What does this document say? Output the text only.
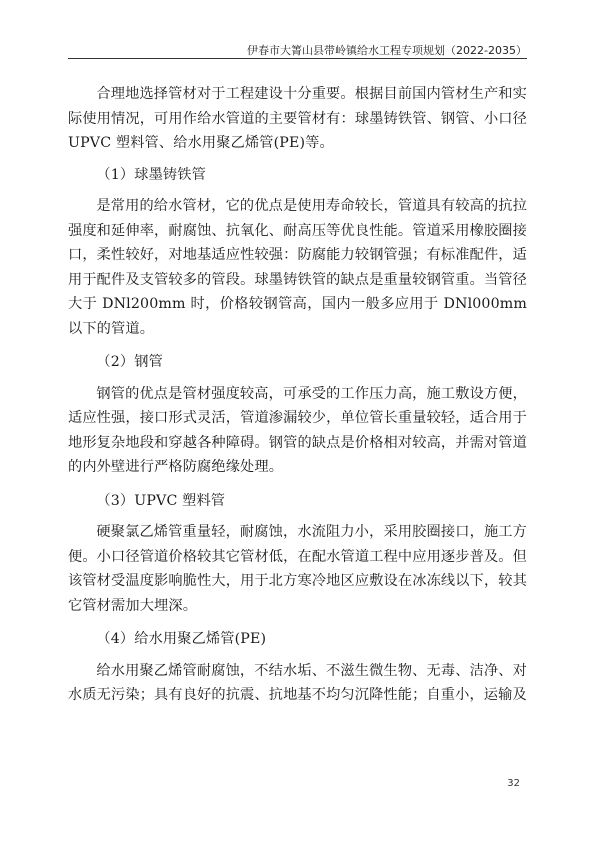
伊春市大箐山县带岭镇给水工程专项规划（2022-2035）

合理地选择管材对于工程建设十分重要。根据目前国内管材生产和实际使用情况，可用作给水管道的主要管材有：球墨铸铁管、钢管、小口径UPVC 塑料管、给水用聚乙烯管(PE)等。

（1）球墨铸铁管

是常用的给水管材，它的优点是使用寿命较长，管道具有较高的抗拉强度和延伸率，耐腐蚀、抗氧化、耐高压等优良性能。管道采用橡胶圈接口，柔性较好，对地基适应性较强：防腐能力较钢管强；有标准配件，适用于配件及支管较多的管段。球墨铸铁管的缺点是重量较钢管重。当管径大于 DNl200mm 时，价格较钢管高，国内一般多应用于 DNl000mm 以下的管道。

（2）钢管

钢管的优点是管材强度较高，可承受的工作压力高，施工敷设方便，适应性强，接口形式灵活，管道渗漏较少，单位管长重量较轻，适合用于地形复杂地段和穿越各种障碍。钢管的缺点是价格相对较高，并需对管道的内外壁进行严格防腐绝缘处理。

（3）UPVC 塑料管

硬聚氯乙烯管重量轻，耐腐蚀，水流阻力小，采用胶圈接口，施工方便。小口径管道价格较其它管材低，在配水管道工程中应用逐步普及。但该管材受温度影响脆性大，用于北方寒冷地区应敷设在冰冻线以下，较其它管材需加大埋深。

（4）给水用聚乙烯管(PE)

给水用聚乙烯管耐腐蚀，不结水垢、不滋生微生物、无毒、洁净、对水质无污染；具有良好的抗震、抗地基不均匀沉降性能；自重小，运输及

32
